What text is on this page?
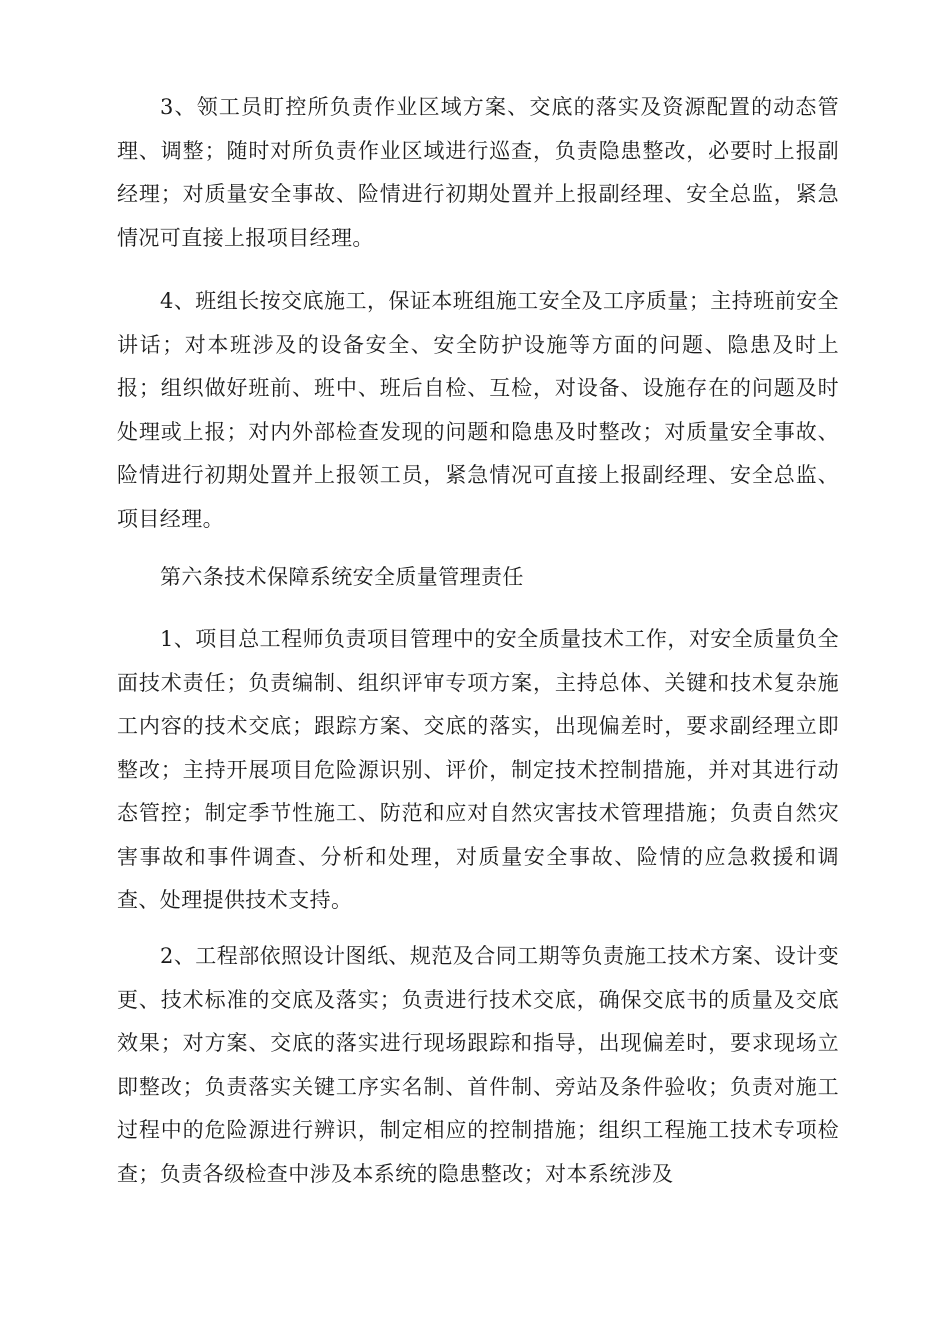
3、领工员盯控所负责作业区域方案、交底的落实及资源配置的动态管理、调整；随时对所负责作业区域进行巡查，负责隐患整改，必要时上报副经理；对质量安全事故、险情进行初期处置并上报副经理、安全总监，紧急情况可直接上报项目经理。

4、班组长按交底施工，保证本班组施工安全及工序质量；主持班前安全讲话；对本班涉及的设备安全、安全防护设施等方面的问题、隐患及时上报；组织做好班前、班中、班后自检、互检，对设备、设施存在的问题及时处理或上报；对内外部检查发现的问题和隐患及时整改；对质量安全事故、险情进行初期处置并上报领工员，紧急情况可直接上报副经理、安全总监、项目经理。

第六条技术保障系统安全质量管理责任

1、项目总工程师负责项目管理中的安全质量技术工作，对安全质量负全面技术责任；负责编制、组织评审专项方案，主持总体、关键和技术复杂施工内容的技术交底；跟踪方案、交底的落实，出现偏差时，要求副经理立即整改；主持开展项目危险源识别、评价，制定技术控制措施，并对其进行动态管控；制定季节性施工、防范和应对自然灾害技术管理措施；负责自然灾害事故和事件调查、分析和处理，对质量安全事故、险情的应急救援和调查、处理提供技术支持。

2、工程部依照设计图纸、规范及合同工期等负责施工技术方案、设计变更、技术标准的交底及落实；负责进行技术交底，确保交底书的质量及交底效果；对方案、交底的落实进行现场跟踪和指导，出现偏差时，要求现场立即整改；负责落实关键工序实名制、首件制、旁站及条件验收；负责对施工过程中的危险源进行辨识，制定相应的控制措施；组织工程施工技术专项检查；负责各级检查中涉及本系统的隐患整改；对本系统涉及
